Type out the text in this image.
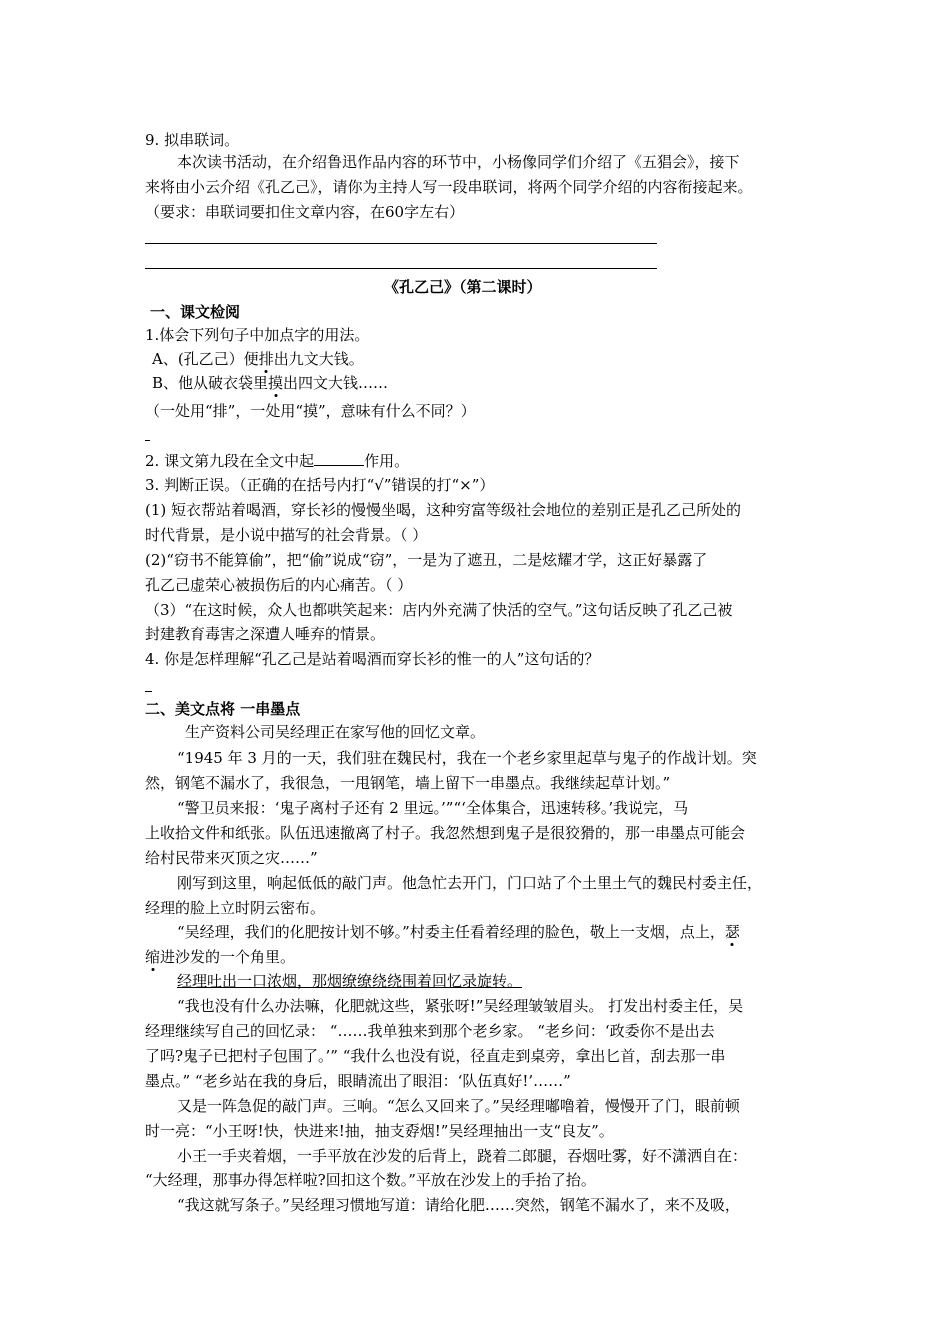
9. 拟串联词。
本次读书活动，在介绍鲁迅作品内容的环节中，小杨像同学们介绍了《五猖会》，接下
来将由小云介绍《孔乙己》，请你为主持人写一段串联词，将两个同学介绍的内容衔接起来。
（要求：串联词要扣住文章内容，在60字左右）
《孔乙己》（第二课时）
一、课文检阅
1.体会下列句子中加点字的用法。
A、(孔乙己）便排出九文大钱。
B、他从破衣袋里摸出四文大钱……
（一处用“排”，一处用“摸”，意味有什么不同？）
2. 课文第九段在全文中起	作用。
3. 判断正误。（正确的在括号内打“√”错误的打“×”）
(1) 短衣帮站着喝酒，穿长衫的慢慢坐喝，这种穷富等级社会地位的差别正是孔乙己所处的
时代背景，是小说中描写的社会背景。（ ）
(2)“窃书不能算偷”，把“偷”说成“窃”，一是为了遮丑，二是炫耀才学，这正好暴露了
孔乙己虚荣心被损伤后的内心痛苦。（ ）
（3）“在这时候，众人也都哄笑起来：店内外充满了快活的空气。”这句话反映了孔乙己被
封建教育毒害之深遭人唾弃的情景。
4. 你是怎样理解“孔乙己是站着喝酒而穿长衫的惟一的人”这句话的？
二、美文点将 一串墨点
生产资料公司吴经理正在家写他的回忆文章。
“1945 年 3 月的一天，我们驻在魏民村，我在一个老乡家里起草与鬼子的作战计划。突
然，钢笔不漏水了，我很急，一甩钢笔，墙上留下一串墨点。我继续起草计划。”
“警卫员来报：‘鬼子离村子还有 2 里远。’”“‘全体集合，迅速转移。’我说完，马
上收拾文件和纸张。队伍迅速撤离了村子。我忽然想到鬼子是很狡猾的，那一串墨点可能会
给村民带来灭顶之灾……”
刚写到这里，响起低低的敲门声。他急忙去开门，门口站了个土里土气的魏民村委主任，
经理的脸上立时阴云密布。
“吴经理，我们的化肥按计划不够。”村委主任看着经理的脸色，敬上一支烟，点上，瑟
缩进沙发的一个角里。
经理吐出一口浓烟，那烟缭缭绕绕围着回忆录旋转。
“我也没有什么办法嘛，化肥就这些，紧张呀!”吴经理皱皱眉头。 打发出村委主任，吴
经理继续写自己的回忆录： “……我单独来到那个老乡家。 “老乡问：‘政委你不是出去
了吗?鬼子已把村子包围了。’” “我什么也没有说，径直走到桌旁，拿出匕首，刮去那一串
墨点。” “老乡站在我的身后，眼睛流出了眼泪：‘队伍真好!’……”
又是一阵急促的敲门声。三响。“怎么又回来了。”吴经理嘟噜着，慢慢开了门，眼前顿
时一亮：“小王呀!快，快进来!抽，抽支孬烟!”吴经理抽出一支“良友”。
小王一手夹着烟，一手平放在沙发的后背上，跷着二郎腿，吞烟吐雾，好不潇洒自在：
“大经理，那事办得怎样啦?回扣这个数。”平放在沙发上的手抬了抬。
“我这就写条子。”吴经理习惯地写道：请给化肥……突然，钢笔不漏水了，来不及吸，
